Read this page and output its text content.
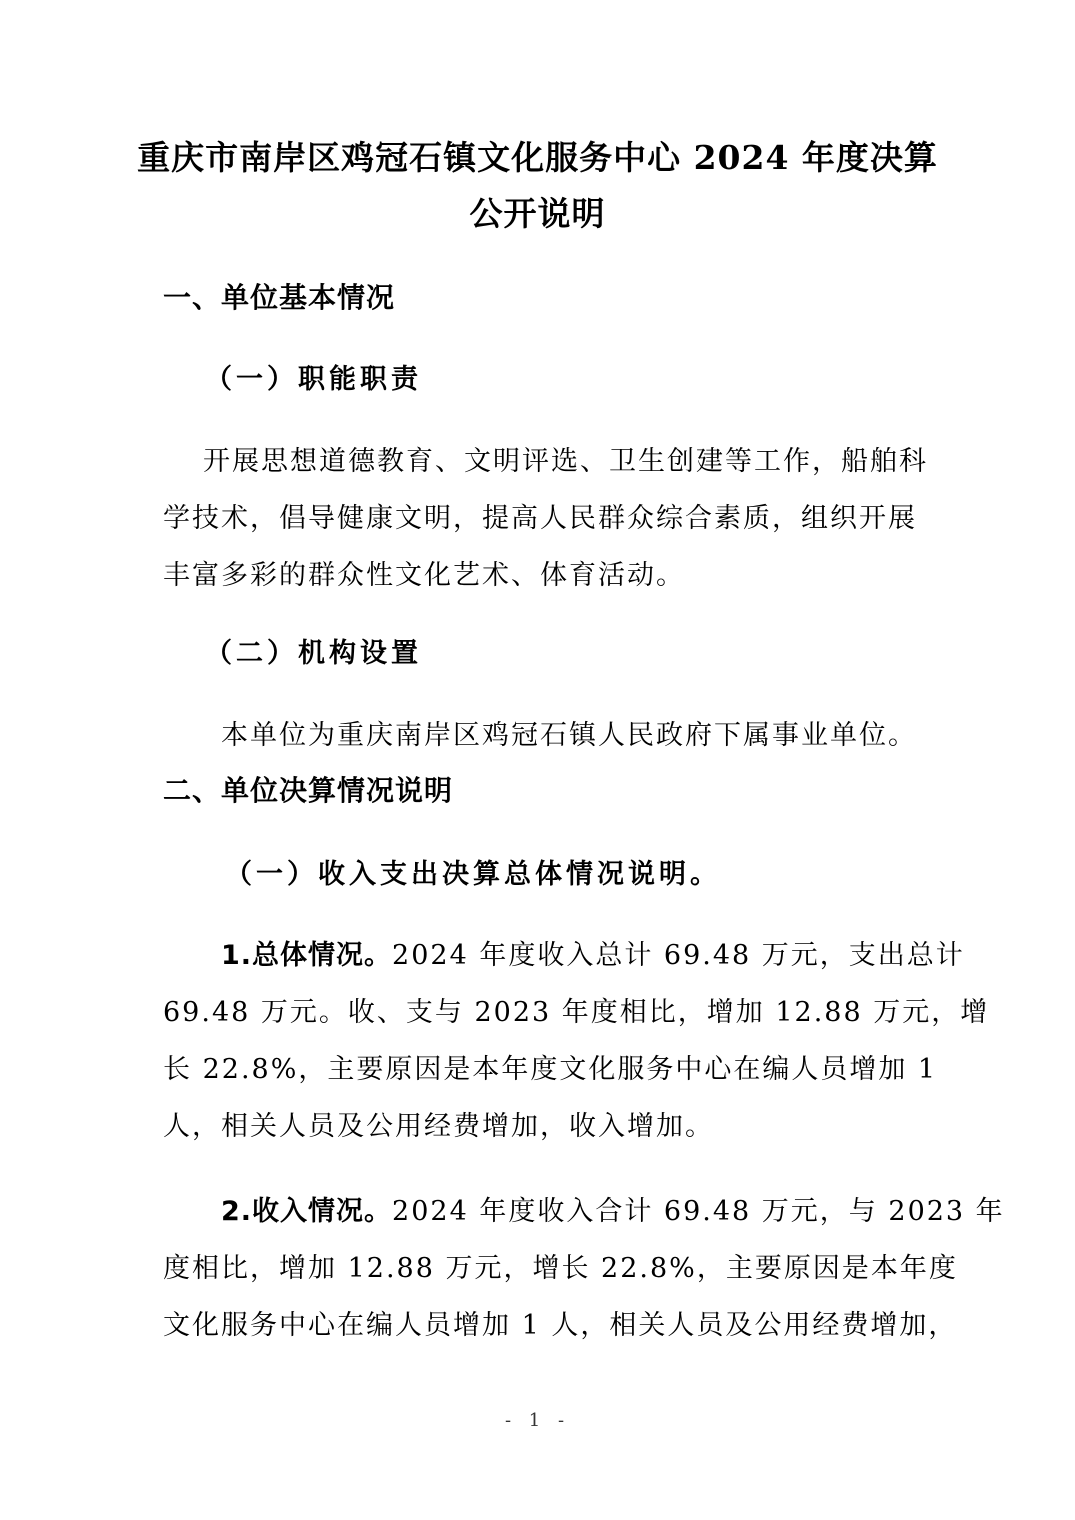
重庆市南岸区鸡冠石镇文化服务中心 2024 年度决算
公开说明
一、单位基本情况
（一）职能职责
开展思想道德教育、文明评选、卫生创建等工作，船舶科
学技术，倡导健康文明，提高人民群众综合素质，组织开展
丰富多彩的群众性文化艺术、体育活动。
（二）机构设置
本单位为重庆南岸区鸡冠石镇人民政府下属事业单位。
二、单位决算情况说明
（一）收入支出决算总体情况说明。
1.总体情况。2024 年度收入总计 69.48 万元，支出总计
69.48 万元。收、支与 2023 年度相比，增加 12.88 万元，增
长 22.8%，主要原因是本年度文化服务中心在编人员增加 1
人，相关人员及公用经费增加，收入增加。
2.收入情况。2024 年度收入合计 69.48 万元，与 2023 年
度相比，增加 12.88 万元，增长 22.8%，主要原因是本年度
文化服务中心在编人员增加 1 人，相关人员及公用经费增加，
- 1 -
